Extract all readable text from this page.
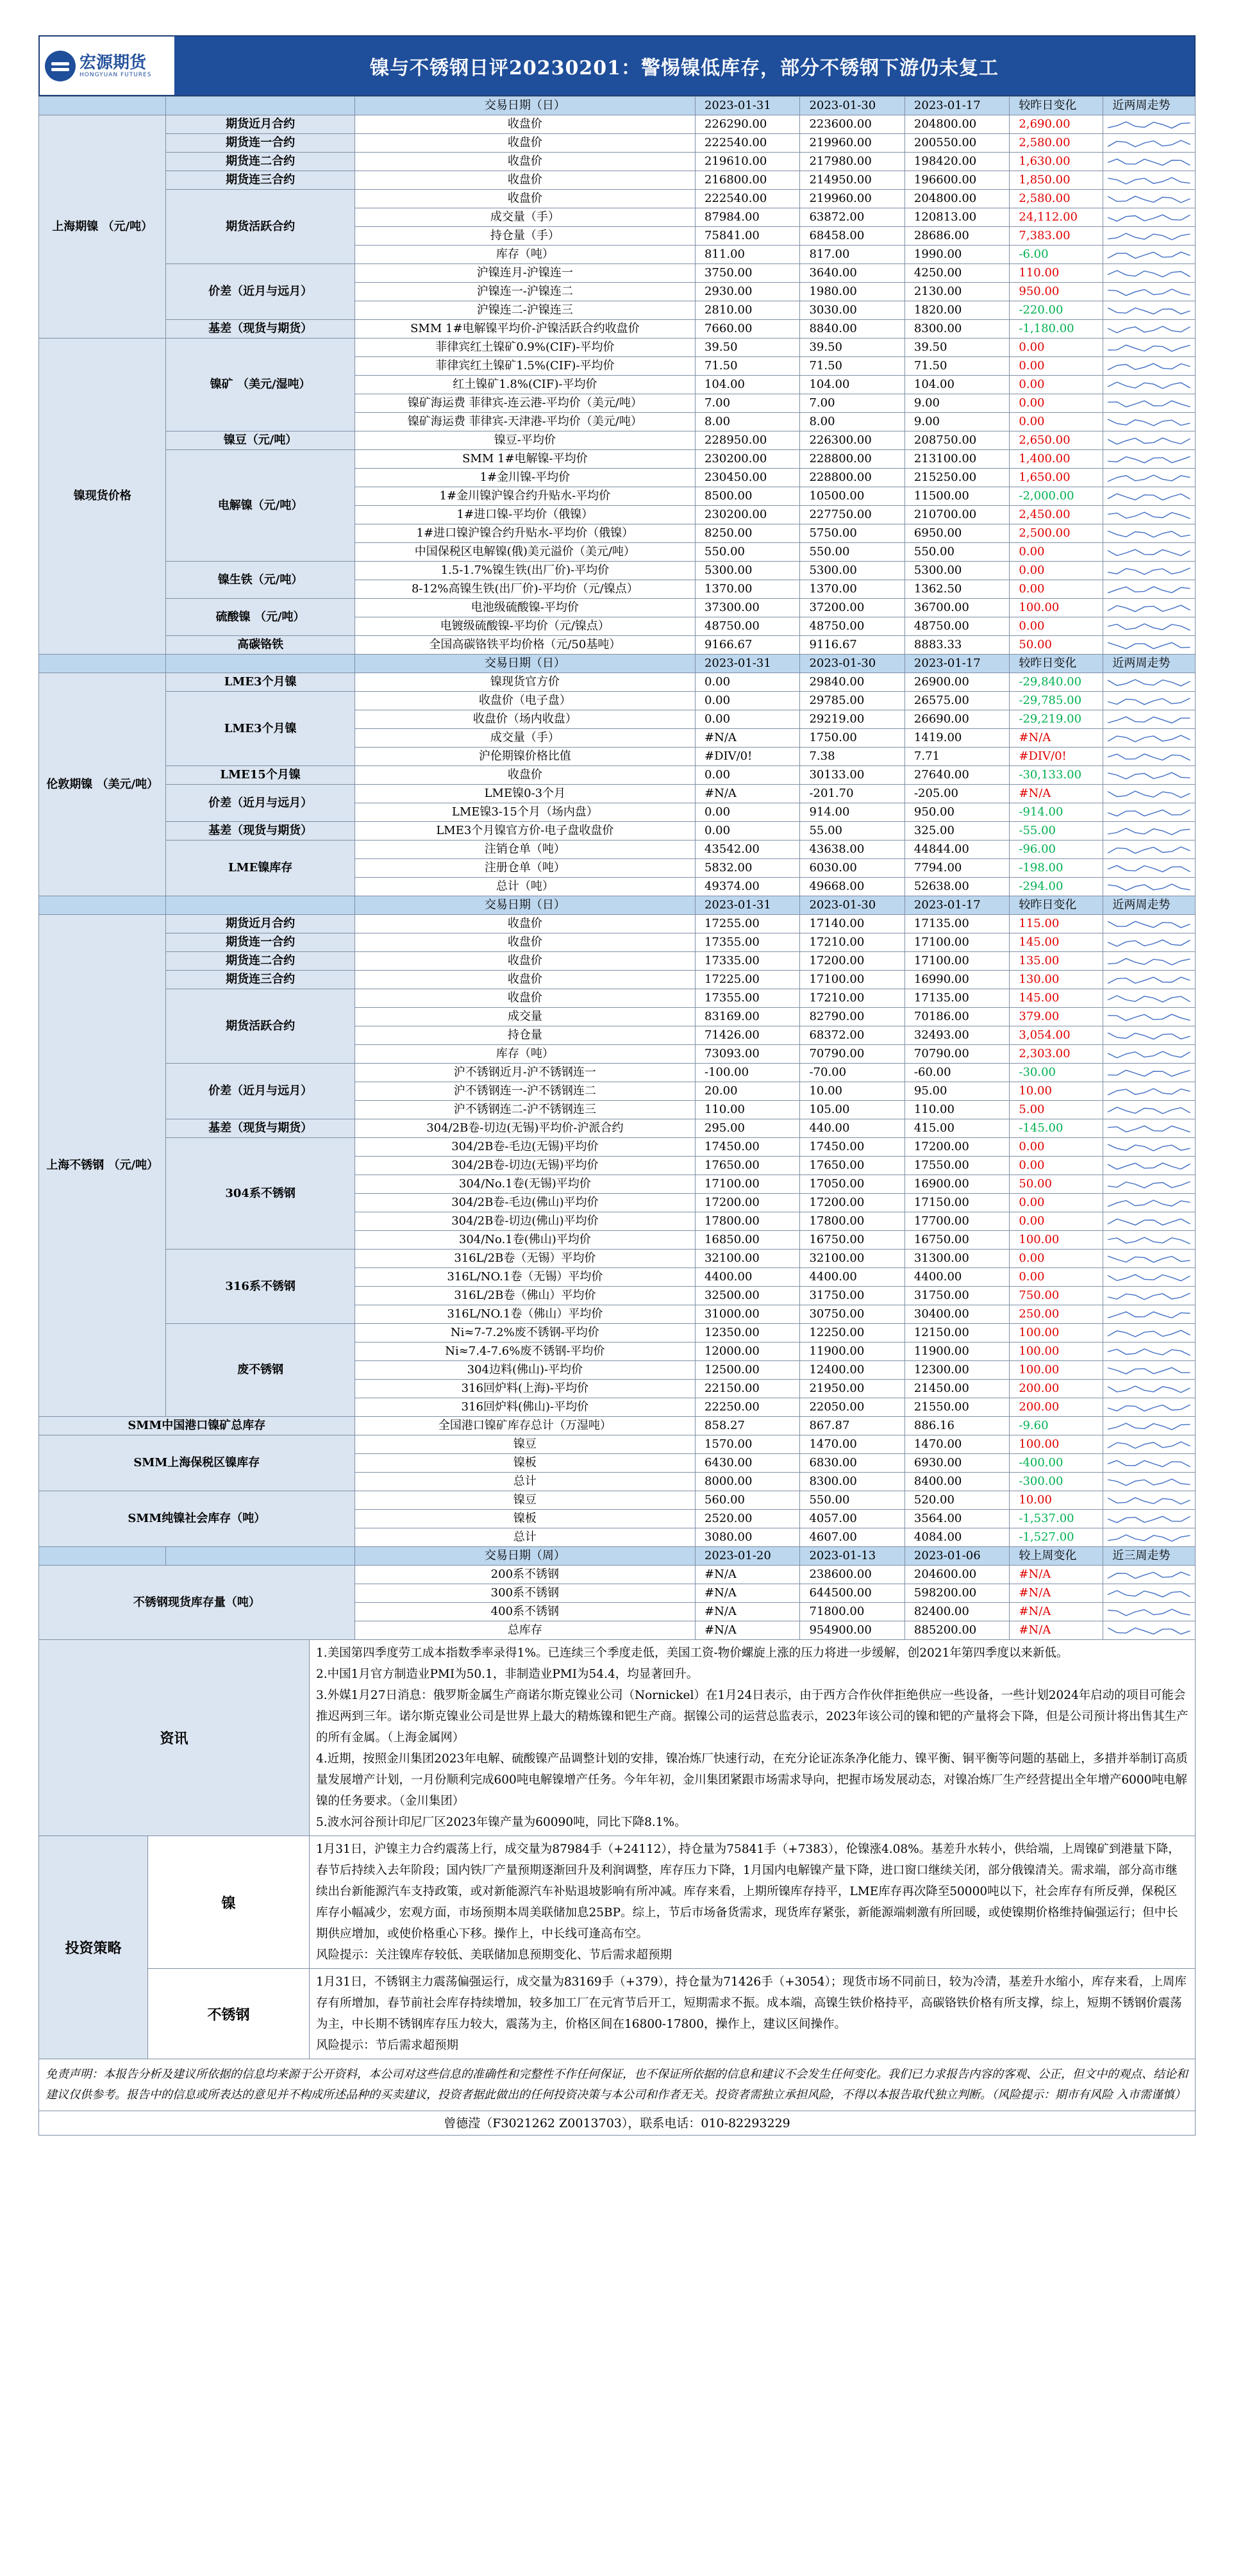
宏源期货
HONGYUAN FUTURES	镍与不锈钢日评20230201：警惕镍低库存，部分不锈钢下游仍未复工
		交易日期（日）	2023-01-31	2023-01-30	2023-01-17	较昨日变化	近两周走势
上海期镍 （元/吨）	期货近月合约	收盘价	226290.00	223600.00	204800.00	2,690.00	

	期货连一合约	收盘价	222540.00	219960.00	200550.00	2,580.00	

	期货连二合约	收盘价	219610.00	217980.00	198420.00	1,630.00	

	期货连三合约	收盘价	216800.00	214950.00	196600.00	1,850.00	

	期货活跃合约	收盘价	222540.00	219960.00	204800.00	2,580.00	

		成交量（手）	87984.00	63872.00	120813.00	24,112.00	

		持仓量（手）	75841.00	68458.00	28686.00	7,383.00	

		库存（吨）	811.00	817.00	1990.00	-6.00	

	价差（近月与远月）	沪镍连月-沪镍连一	3750.00	3640.00	4250.00	110.00	

		沪镍连一-沪镍连二	2930.00	1980.00	2130.00	950.00	

		沪镍连二-沪镍连三	2810.00	3030.00	1820.00	-220.00	

	基差（现货与期货）	SMM 1#电解镍平均价-沪镍活跃合约收盘价	7660.00	8840.00	8300.00	-1,180.00	

镍现货价格	镍矿 （美元/湿吨）	菲律宾红土镍矿0.9%(CIF)-平均价	39.50	39.50	39.50	0.00	

		菲律宾红土镍矿1.5%(CIF)-平均价	71.50	71.50	71.50	0.00	

		红土镍矿1.8%(CIF)-平均价	104.00	104.00	104.00	0.00	

		镍矿海运费 菲律宾-连云港-平均价（美元/吨）	7.00	7.00	9.00	0.00	

		镍矿海运费 菲律宾-天津港-平均价（美元/吨）	8.00	8.00	9.00	0.00	

	镍豆（元/吨）	镍豆-平均价	228950.00	226300.00	208750.00	2,650.00	

	电解镍（元/吨）	SMM 1#电解镍-平均价	230200.00	228800.00	213100.00	1,400.00	

		1#金川镍-平均价	230450.00	228800.00	215250.00	1,650.00	

		1#金川镍沪镍合约升贴水-平均价	8500.00	10500.00	11500.00	-2,000.00	

		1#进口镍-平均价（俄镍）	230200.00	227750.00	210700.00	2,450.00	

		1#进口镍沪镍合约升贴水-平均价（俄镍）	8250.00	5750.00	6950.00	2,500.00	

		中国保税区电解镍(俄)美元溢价（美元/吨）	550.00	550.00	550.00	0.00	

	镍生铁（元/吨）	1.5-1.7%镍生铁(出厂价)-平均价	5300.00	5300.00	5300.00	0.00	

		8-12%高镍生铁(出厂价)-平均价（元/镍点）	1370.00	1370.00	1362.50	0.00	

	硫酸镍 （元/吨）	电池级硫酸镍-平均价	37300.00	37200.00	36700.00	100.00	

		电镀级硫酸镍-平均价（元/镍点）	48750.00	48750.00	48750.00	0.00	

	高碳铬铁	全国高碳铬铁平均价格（元/50基吨）	9166.67	9116.67	8883.33	50.00	

		交易日期（日）	2023-01-31	2023-01-30	2023-01-17	较昨日变化	近两周走势
伦敦期镍 （美元/吨）	LME3个月镍	镍现货官方价	0.00	29840.00	26900.00	-29,840.00	

	LME3个月镍	收盘价（电子盘）	0.00	29785.00	26575.00	-29,785.00	

		收盘价（场内收盘）	0.00	29219.00	26690.00	-29,219.00	

		成交量（手）	#N/A	1750.00	1419.00	#N/A	

		沪伦期镍价格比值	#DIV/0!	7.38	7.71	#DIV/0!	

	LME15个月镍	收盘价	0.00	30133.00	27640.00	-30,133.00	

	价差（近月与远月）	LME镍0-3个月	#N/A	-201.70	-205.00	#N/A	

		LME镍3-15个月（场内盘）	0.00	914.00	950.00	-914.00	

	基差（现货与期货）	LME3个月镍官方价-电子盘收盘价	0.00	55.00	325.00	-55.00	

	LME镍库存	注销仓单（吨）	43542.00	43638.00	44844.00	-96.00	

		注册仓单（吨）	5832.00	6030.00	7794.00	-198.00	

		总计（吨）	49374.00	49668.00	52638.00	-294.00	

		交易日期（日）	2023-01-31	2023-01-30	2023-01-17	较昨日变化	近两周走势
上海不锈钢 （元/吨）	期货近月合约	收盘价	17255.00	17140.00	17135.00	115.00	

	期货连一合约	收盘价	17355.00	17210.00	17100.00	145.00	

	期货连二合约	收盘价	17335.00	17200.00	17100.00	135.00	

	期货连三合约	收盘价	17225.00	17100.00	16990.00	130.00	

	期货活跃合约	收盘价	17355.00	17210.00	17135.00	145.00	

		成交量	83169.00	82790.00	70186.00	379.00	

		持仓量	71426.00	68372.00	32493.00	3,054.00	

		库存（吨）	73093.00	70790.00	70790.00	2,303.00	

	价差（近月与远月）	沪不锈钢近月-沪不锈钢连一	-100.00	-70.00	-60.00	-30.00	

		沪不锈钢连一-沪不锈钢连二	20.00	10.00	95.00	10.00	

		沪不锈钢连二-沪不锈钢连三	110.00	105.00	110.00	5.00	

	基差（现货与期货）	304/2B卷-切边(无锡)平均价-沪派合约	295.00	440.00	415.00	-145.00	

	304系不锈钢	304/2B卷-毛边(无锡)平均价	17450.00	17450.00	17200.00	0.00	

		304/2B卷-切边(无锡)平均价	17650.00	17650.00	17550.00	0.00	

		304/No.1卷(无锡)平均价	17100.00	17050.00	16900.00	50.00	

		304/2B卷-毛边(佛山)平均价	17200.00	17200.00	17150.00	0.00	

		304/2B卷-切边(佛山)平均价	17800.00	17800.00	17700.00	0.00	

		304/No.1卷(佛山)平均价	16850.00	16750.00	16750.00	100.00	

	316系不锈钢	316L/2B卷（无锡）平均价	32100.00	32100.00	31300.00	0.00	

		316L/NO.1卷（无锡）平均价	4400.00	4400.00	4400.00	0.00	

		316L/2B卷（佛山）平均价	32500.00	31750.00	31750.00	750.00	

		316L/NO.1卷（佛山）平均价	31000.00	30750.00	30400.00	250.00	

	废不锈钢	Ni≈7-7.2%废不锈钢-平均价	12350.00	12250.00	12150.00	100.00	

		Ni≈7.4-7.6%废不锈钢-平均价	12000.00	11900.00	11900.00	100.00	

		304边料(佛山)-平均价	12500.00	12400.00	12300.00	100.00	

		316回炉料(上海)-平均价	22150.00	21950.00	21450.00	200.00	

		316回炉料(佛山)-平均价	22250.00	22050.00	21550.00	200.00	

SMM中国港口镍矿总库存		全国港口镍矿库存总计（万湿吨）	858.27	867.87	886.16	-9.60	

SMM上海保税区镍库存		镍豆	1570.00	1470.00	1470.00	100.00	

		镍板	6430.00	6830.00	6930.00	-400.00	

		总计	8000.00	8300.00	8400.00	-300.00	

SMM纯镍社会库存（吨）		镍豆	560.00	550.00	520.00	10.00	

		镍板	2520.00	4057.00	3564.00	-1,537.00	

		总计	3080.00	4607.00	4084.00	-1,527.00	

		交易日期（周）	2023-01-20	2023-01-13	2023-01-06	较上周变化	近三周走势
不锈钢现货库存量（吨）		200系不锈钢	#N/A	238600.00	204600.00	#N/A	

		300系不锈钢	#N/A	644500.00	598200.00	#N/A	

		400系不锈钢	#N/A	71800.00	82400.00	#N/A	

		总库存	#N/A	954900.00	885200.00	#N/A	
资讯		1.美国第四季度劳工成本指数季率录得1%。已连续三个季度走低，美国工资-物价螺旋上涨的压力将进一步缓解，创2021年第四季度以来新低。

2.中国1月官方制造业PMI为50.1，非制造业PMI为54.4，均显著回升。

3.外媒1月27日消息：俄罗斯金属生产商诺尔斯克镍业公司（Nornickel）在1月24日表示，由于西方合作伙伴拒绝供应一些设备，一些计划2024年启动的项目可能会推迟两到三年。诺尔斯克镍业公司是世界上最大的精炼镍和钯生产商。据镍公司的运营总监表示，2023年该公司的镍和钯的产量将会下降，但是公司预计将出售其生产的所有金属。（上海金属网）

4.近期，按照金川集团2023年电解、硫酸镍产品调整计划的安排，镍冶炼厂快速行动，在充分论证冻条净化能力、镍平衡、铜平衡等问题的基础上，多措并举制订高质量发展增产计划，一月份顺利完成600吨电解镍增产任务。今年年初，金川集团紧跟市场需求导向，把握市场发展动态，对镍冶炼厂生产经营提出全年增产6000吨电解镍的任务要求。（金川集团）

5.波水河谷预计印尼厂区2023年镍产量为60090吨，同比下降8.1%。

投资策略	镍	1月31日，沪镍主力合约震荡上行，成交量为87984手（+24112），持仓量为75841手（+7383），伦镍涨4.08%。基差升水转小，供给端，上周镍矿到港量下降，春节后持续入去年阶段；国内铁厂产量预期逐渐回升及利润调整，库存压力下降，1月国内电解镍产量下降，进口窗口继续关闭，部分俄镍清关。需求端，部分高市继续出台新能源汽车支持政策，或对新能源汽车补贴退坡影响有所冲减。库存来看，上期所镍库存持平，LME库存再次降至50000吨以下，社会库存有所反弹，保税区库存小幅减少，宏观方面，市场预期本周美联储加息25BP。综上，节后市场备货需求，现货库存紧张，新能源端刺激有所回暖，或使镍期价格维持偏强运行；但中长期供应增加，或使价格重心下移。操作上，中长线可逢高布空。
风险提示：关注镍库存较低、美联储加息预期变化、节后需求超预期

	不锈钢	1月31日，不锈钢主力震荡偏强运行，成交量为83169手（+379），持仓量为71426手（+3054）；现货市场不同前日，较为冷清，基差升水缩小，库存来看，上周库存有所增加，春节前社会库存持续增加，较多加工厂在元宵节后开工，短期需求不振。成本端，高镍生铁价格持平，高碳铬铁价格有所支撑，综上，短期不锈钢价震荡为主，中长期不锈钢库存压力较大，震荡为主，价格区间在16800-17800，操作上，建议区间操作。
风险提示：节后需求超预期

免责声明：本报告分析及建议所依据的信息均来源于公开资料，本公司对这些信息的准确性和完整性不作任何保证，也不保证所依据的信息和建议不会发生任何变化。我们已力求报告内容的客观、公正，但文中的观点、结论和建议仅供参考。报告中的信息或所表达的意见并不构成所述品种的买卖建议，投资者据此做出的任何投资决策与本公司和作者无关。投资者需独立承担风险，不得以本报告取代独立判断。（风险提示：期市有风险 入市需谨慎）
曾德滢（F3021262 Z0013703），联系电话：010-82293229
